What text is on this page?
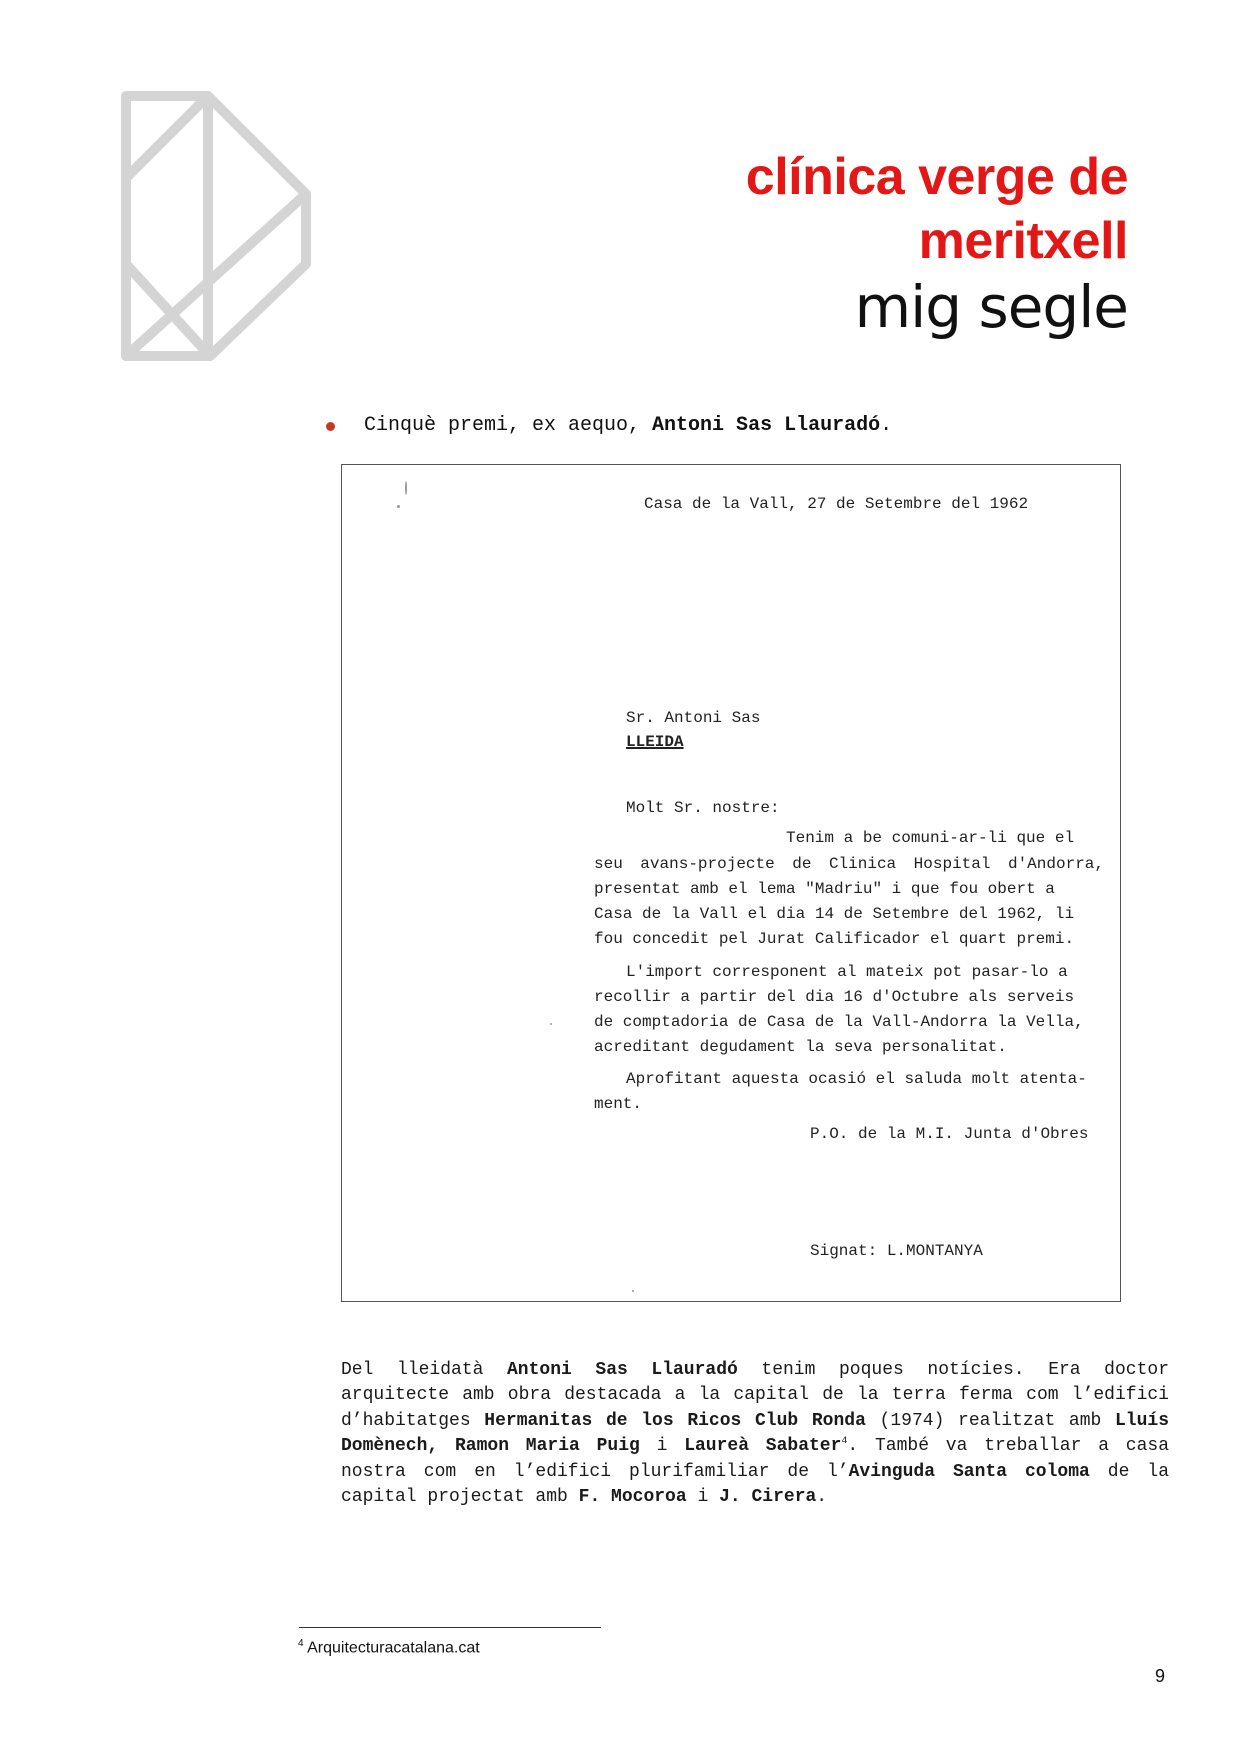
clínica verge de
meritxell
mig segle
Cinquè premi, ex aequo, Antoni Sas Llauradó.
Casa de la Vall, 27 de Setembre del 1962
Sr. Antoni Sas
LLEIDA
Molt Sr. nostre:
Tenim a be comuni-ar-li que el
seu avans-projecte de Clinica Hospital d'Andorra,
presentat amb el lema "Madriu" i que fou obert a
Casa de la Vall el dia 14 de Setembre del 1962, li
fou concedit pel Jurat Calificador el quart premi.
L'import corresponent al mateix pot pasar-lo a
recollir a partir del dia 16 d'Octubre als serveis
de comptadoria de Casa de la Vall-Andorra la Vella,
acreditant degudament la seva personalitat.
Aprofitant aquesta ocasió el saluda molt atenta-
ment.
P.O. de la M.I. Junta d'Obres
Signat: L.MONTANYA
Del lleidatà Antoni Sas Llauradó tenim poques notícies. Era doctor arquitecte amb obra destacada a la capital de la terra ferma com l’edifici d’habitatges Hermanitas de los Ricos Club Ronda (1974) realitzat amb Lluís Domènech, Ramon Maria Puig i Laureà Sabater$^4$. També va treballar a casa nostra com en l’edifici plurifamiliar de l’Avinguda Santa coloma de la capital projectat amb F. Mocoroa i J. Cirera.
$^4$ Arquitecturacatalana.cat
9
